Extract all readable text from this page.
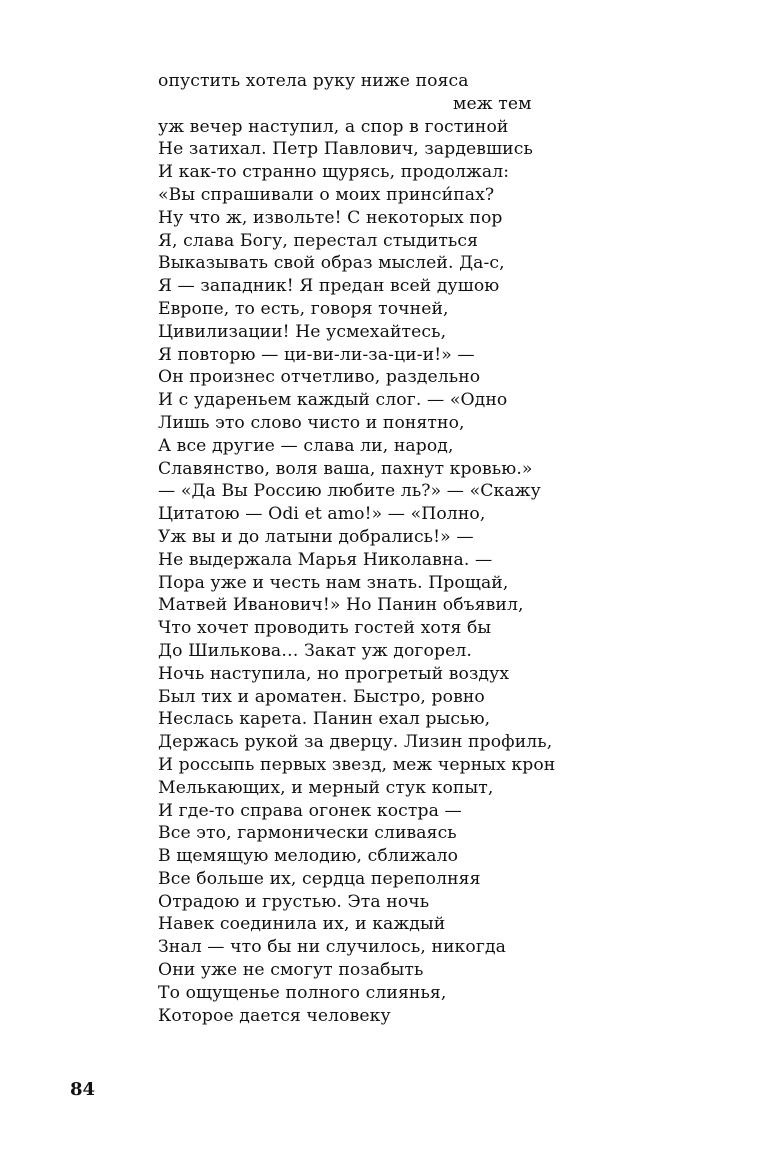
опустить хотела руку ниже пояса
меж тем
уж вечер наступил, а спор в гостиной
Не затихал. Петр Павлович, зардевшись
И как-то странно щурясь, продолжал:
«Вы спрашивали о моих принси́пах?
Ну что ж, извольте! С некоторых пор
Я, слава Богу, перестал стыдиться
Выказывать свой образ мыслей. Да-с,
Я — западник! Я предан всей душою
Европе, то есть, говоря точней,
Цивилизации! Не усмехайтесь,
Я повторю — ци-ви-ли-за-ци-и!» —
Он произнес отчетливо, раздельно
И с удареньем каждый слог. — «Одно
Лишь это слово чисто и понятно,
А все другие — слава ли, народ,
Славянство, воля ваша, пахнут кровью.»
— «Да Вы Россию любите ль?» — «Скажу
Цитатою — Odi et amo!» — «Полно,
Уж вы и до латыни добрались!» —
Не выдержала Марья Николавна. —
Пора уже и честь нам знать. Прощай,
Матвей Иванович!» Но Панин объявил,
Что хочет проводить гостей хотя бы
До Шилькова… Закат уж догорел.
Ночь наступила, но прогретый воздух
Был тих и ароматен. Быстро, ровно
Неслась карета. Панин ехал рысью,
Держась рукой за дверцу. Лизин профиль,
И россыпь первых звезд, меж черных крон
Мелькающих, и мерный стук копыт,
И где-то справа огонек костра —
Все это, гармонически сливаясь
В щемящую мелодию, сближало
Все больше их, сердца переполняя
Отрадою и грустью. Эта ночь
Навек соединила их, и каждый
Знал — что бы ни случилось, никогда
Они уже не смогут позабыть
То ощущенье полного слиянья,
Которое дается человеку
84
